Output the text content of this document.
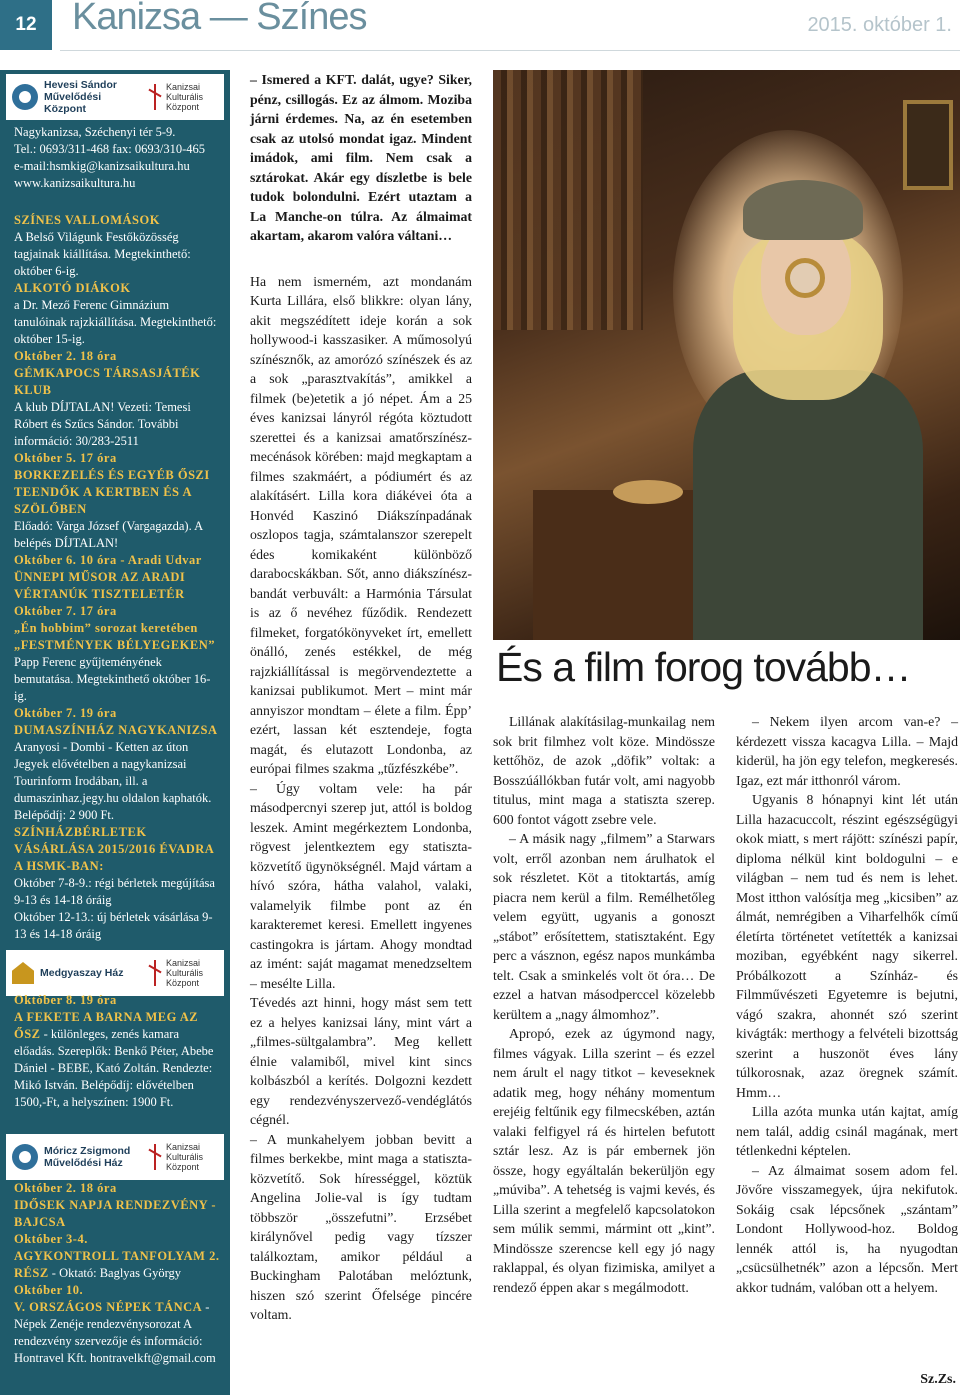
12 Kanizsa — Színes	2015. október 1.
Hevesi Sándor Művelődési Központ
Kanizsai Kulturális Központ

Nagykanizsa, Széchenyi tér 5-9.

Tel.: 0693/311-468 fax: 0693/310-465

e-mail:hsmkig@kanizsaikultura.hu

www.kanizsaikultura.hu

SZÍNES VALLOMÁSOK

A Belső Világunk Festőközösség tagjainak kiállítása. Megtekinthető: október 6-ig.

ALKOTÓ DIÁKOK

a Dr. Mező Ferenc Gimnázium tanulóinak rajzkiállítása. Megtekinthető: október 15-ig.

Október 2. 18 óra

GÉMKAPOCS TÁRSASJÁTÉK KLUB

A klub DÍJTALAN! Vezeti: Temesi Róbert és Szűcs Sándor. További információ: 30/283-2511

Október 5. 17 óra

BORKEZELÉS ÉS EGYÉB ŐSZI TEENDŐK A KERTBEN ÉS A SZÖLŐBEN

Előadó: Varga József (Vargagazda). A belépés DÍJTALAN!

Október 6. 10 óra - Aradi Udvar

ÜNNEPI MŰSOR AZ ARADI VÉRTANÚK TISZTELETÉR

Október 7. 17 óra

„Én hobbim” sorozat keretében „FESTMÉNYEK BÉLYEGEKEN”

Papp Ferenc gyűjteményének bemutatása. Megtekinthető október 16-ig.

Október 7. 19 óra

DUMASZÍNHÁZ NAGYKANIZSA

Aranyosi - Dombi - Ketten az úton Jegyek elővételben a nagykanizsai Tourinform Irodában, ill. a dumaszinhaz.jegy.hu oldalon kaphatók. Belépődíj: 2 900 Ft.

SZÍNHÁZBÉRLETEK VÁSÁRLÁSA 2015/2016 ÉVADRA A HSMK-BAN:

Október 7-8-9.: régi bérletek megújítása 9-13 és 14-18 óráig

Október 12-13.: új bérletek vásárlása 9-13 és 14-18 óráig

Medgyaszay Ház
Kanizsai Kulturális Központ

Október 8. 19 óra

A FEKETE A BARNA MEG AZ ŐSZ - különleges, zenés kamara előadás. Szereplők: Benkő Péter, Abebe Dániel - BEBE, Kató Zoltán. Rendezte: Mikó István. Belépődíj: elővételben 1500,-Ft, a helyszínen: 1900 Ft.

Móricz Zsigmond Művelődési Ház
Kanizsai Kulturális Központ

Október 2. 18 óra

IDŐSEK NAPJA RENDEZVÉNY - BAJCSA

Október 3-4.

AGYKONTROLL TANFOLYAM 2. RÉSZ - Oktató: Baglyas György

Október 10.

V. ORSZÁGOS NÉPEK TÁNCA - Népek Zenéje rendezvénysorozat A rendezvény szervezője és információ: Hontravel Kft. hontravelkft@gmail.com

– Ismered a KFT. dalát, ugye? Siker, pénz, csillogás. Ez az álmom. Moziba járni érdemes. Na, az én esetemben csak az utolsó mondat igaz. Mindent imádok, ami film. Nem csak a sztárokat. Akár egy díszletbe is bele tudok bolondulni. Ezért utaztam a La Manche-on túlra. Az álmaimat akartam, akarom valóra váltani…

Ha nem ismerném, azt mondanám Kurta Lillára, első blikkre: olyan lány, akit megszédített ideje korán a sok hollywood-i kasszasiker. A műmosolyú színésznők, az amorózó színészek és az a sok „parasztvakítás”, amikkel a filmek (be)etetik a jó népet. Ám a 25 éves kanizsai lányról régóta köztudott szerettei és a kanizsai amatőrszínész-mecénások körében: majd megkaptam a filmes szakmáért, a pódiumért és az alakításért. Lilla kora diákévei óta a Honvéd Kaszinó Diákszínpadának oszlopos tagja, számtalanszor szerepelt édes komikaként különböző darabocskákban. Sőt, anno diákszínész-bandát verbuvált: a Harmónia Társulat is az ő nevéhez fűződik. Rendezett filmeket, forgatókönyveket írt, emellett önálló, zenés estékkel, de még rajzkiállítással is megörvendeztette a kanizsai publikumot. Mert – mint már annyiszor mondtam – élete a film. Épp’ ezért, lassan két esztendeje, fogta magát, és elutazott Londonba, az európai filmes szakma „tűzfészkébe”.

– Úgy voltam vele: ha pár másodpercnyi szerep jut, attól is boldog leszek. Amint megérkeztem Londonba, rögvest jelentkeztem egy statiszta-közvetítő ügynökségnél. Majd vártam a hívó szóra, hátha valahol, valaki, valamelyik filmbe pont az én karakteremet keresi. Emellett ingyenes castingokra is jártam. Ahogy mondtad az imént: saját magamat menedzseltem – mesélte Lilla.

Tévedés azt hinni, hogy mást sem tett ez a helyes kanizsai lány, mint várt a „filmes-sültgalambra”. Meg kellett élnie valamiből, mivel kint sincs kolbászból a kerítés. Dolgozni kezdett egy rendezvényszervező-vendéglátós cégnél.

– A munkahelyem jobban bevitt a filmes berkekbe, mint maga a statiszta-közvetítő. Sok hírességgel, köztük Angelina Jolie-val is így tudtam többször „összefutni”. Erzsébet királynővel pedig vagy tízszer találkoztam, amikor például a Buckingham Palotában melóztunk, hiszen szó szerint Őfelsége pincére voltam.

És a film forog tovább…

Lillának alakításilag-munkailag nem sok brit filmhez volt köze. Mindössze kettőhöz, de azok „döfik” voltak: a Bosszúállókban futár volt, ami nagyobb titulus, mint maga a statiszta szerep. 600 fontot vágott zsebre vele.

– A másik nagy „filmem” a Starwars volt, erről azonban nem árulhatok el sok részletet. Köt a titoktartás, amíg piacra nem kerül a film. Remélhetőleg velem együtt, ugyanis a gonoszt „stábot” erősítettem, statisztaként. Egy perc a vásznon, egész napos munkámba telt. Csak a sminkelés volt öt óra… De ezzel a hatvan másodperccel közelebb kerültem a „nagy álmomhoz”.

Apropó, ezek az úgymond nagy, filmes vágyak. Lilla szerint – és ezzel nem árult el nagy titkot – keveseknek adatik meg, hogy néhány momentum erejéig feltűnik egy filmecskében, aztán valaki felfigyel rá és hirtelen befutott sztár lesz. Az is pár embernek jön össze, hogy egyáltalán bekerüljön egy „múviba”. A tehetség is vajmi kevés, és Lilla szerint a megfelelő kapcsolatokon sem múlik semmi, mármint ott „kint”. Mindössze szerencse kell egy jó nagy raklappal, és olyan fizimiska, amilyet a rendező éppen akar s megálmodott.

– Nekem ilyen arcom van-e? – kérdezett vissza kacagva Lilla. – Majd kiderül, ha jön egy telefon, megkeresés. Igaz, ezt már itthonról várom.

Ugyanis 8 hónapnyi kint lét után Lilla hazacuccolt, részint egészségügyi okok miatt, s mert rájött: színészi papír, diploma nélkül kint boldogulni – e világban – nem tud és nem is lehet. Most itthon valósítja meg „kicsiben” az álmát, nemrégiben a Viharfelhők című életírta történetet vetítették a kanizsai moziban, egyébként nagy sikerrel. Próbálkozott a Színház- és Filmművészeti Egyetemre is bejutni, vágó szakra, ahonnét szó szerint kivágták: merthogy a felvételi bizottság szerint a huszonöt éves lány túlkorosnak, azaz öregnek számít. Hmm…

Lilla azóta munka után kajtat, amíg nem talál, addig csinál magának, mert tétlenkedni képtelen.

– Az álmaimat sosem adom fel. Jövőre visszamegyek, újra nekifutok. Sokáig csak lépcsőnek „szántam” Londont Hollywood-hoz. Boldog lennék attól is, ha nyugodtan „csücsülhetnék” azon a lépcsőn. Mert akkor tudnám, valóban ott a helyem.

Sz.Zs.
